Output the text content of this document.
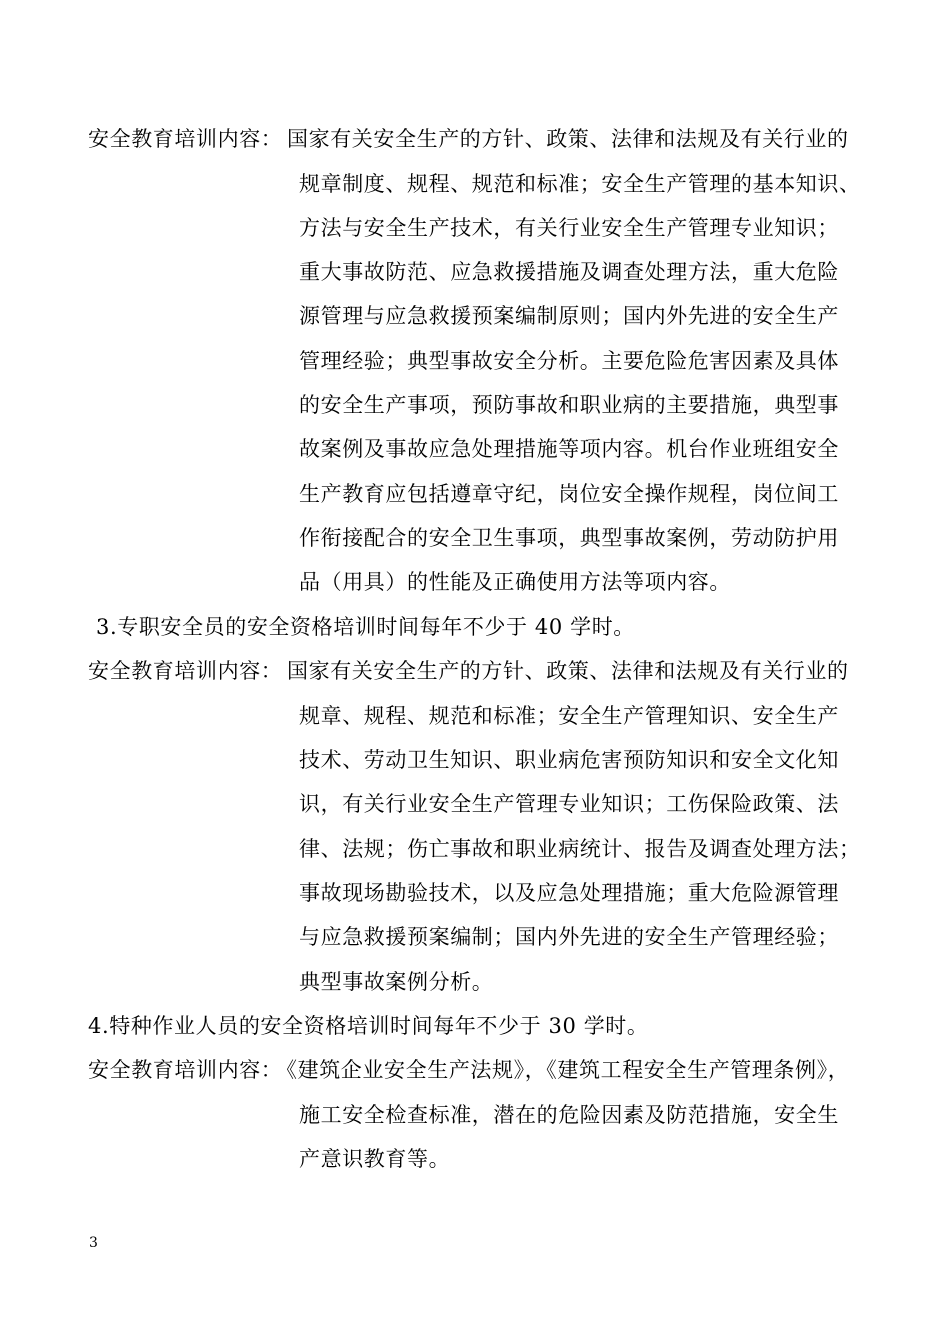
安全教育培训内容： 国家有关安全生产的方针、政策、法律和法规及有关行业的
规章制度、规程、规范和标准；安全生产管理的基本知识、
方法与安全生产技术，有关行业安全生产管理专业知识；
重大事故防范、应急救援措施及调查处理方法，重大危险
源管理与应急救援预案编制原则；国内外先进的安全生产
管理经验；典型事故安全分析。主要危险危害因素及具体
的安全生产事项，预防事故和职业病的主要措施，典型事
故案例及事故应急处理措施等项内容。机台作业班组安全
生产教育应包括遵章守纪，岗位安全操作规程，岗位间工
作衔接配合的安全卫生事项，典型事故案例，劳动防护用
品（用具）的性能及正确使用方法等项内容。
3.专职安全员的安全资格培训时间每年不少于 40 学时。
安全教育培训内容： 国家有关安全生产的方针、政策、法律和法规及有关行业的
规章、规程、规范和标准；安全生产管理知识、安全生产
技术、劳动卫生知识、职业病危害预防知识和安全文化知
识，有关行业安全生产管理专业知识；工伤保险政策、法
律、法规；伤亡事故和职业病统计、报告及调查处理方法；
事故现场勘验技术，以及应急处理措施；重大危险源管理
与应急救援预案编制；国内外先进的安全生产管理经验；
典型事故案例分析。
4.特种作业人员的安全资格培训时间每年不少于 30 学时。
安全教育培训内容：
《建筑企业安全生产法规》，《建筑工程安全生产管理条例》，
施工安全检查标准，潜在的危险因素及防范措施，安全生
产意识教育等。
3
